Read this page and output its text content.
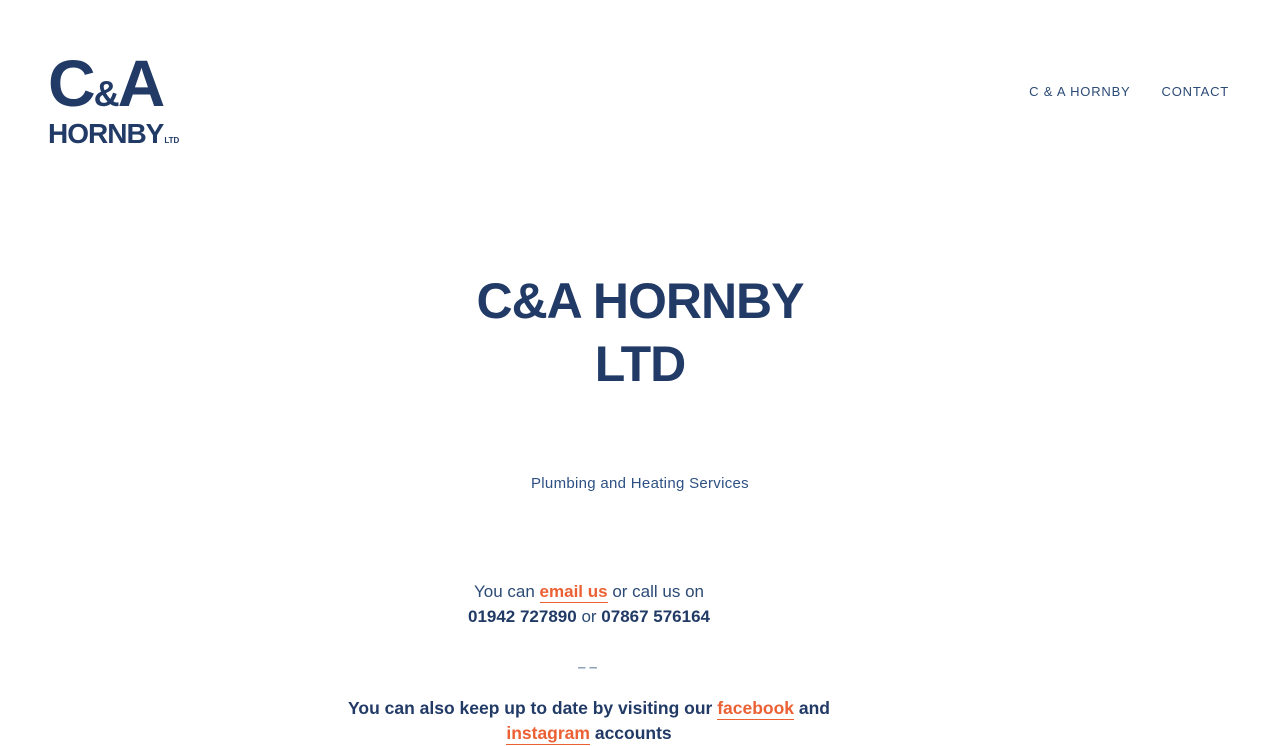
C & A
HORNBY LTD
C & A HORNBY CONTACT
C&A HORNBY
LTD

Plumbing and Heating Services

You can email us or call us on

01942 727890 or 07867 576164

––

You can also keep up to date by visiting our facebook and instagram accounts
